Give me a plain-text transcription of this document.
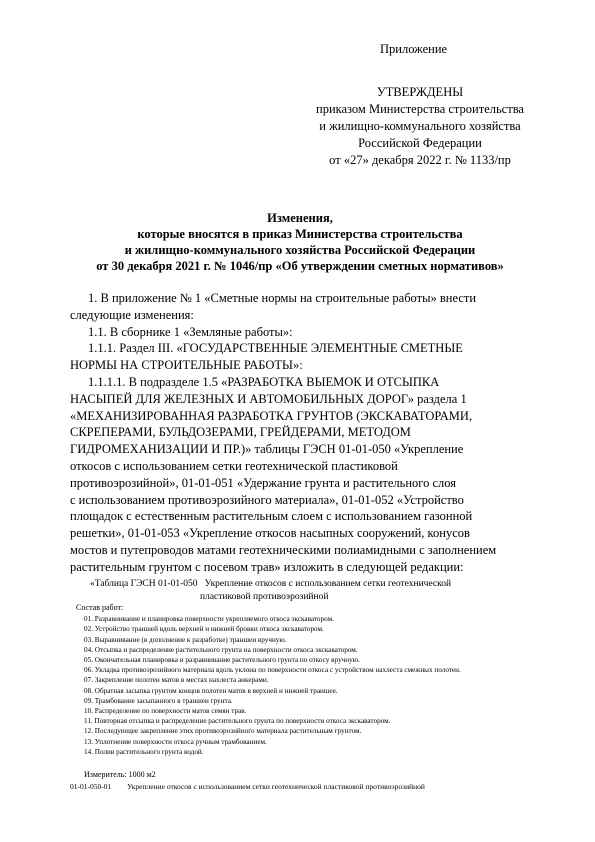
Приложение
УТВЕРЖДЕНЫ
приказом Министерства строительства
и жилищно-коммунального хозяйства
Российской Федерации
от «27» декабря 2022 г. № 1133/пр
Изменения,
которые вносятся в приказ Министерства строительства
и жилищно-коммунального хозяйства Российской Федерации
от 30 декабря 2021 г. № 1046/пр «Об утверждении сметных нормативов»
1. В приложение № 1 «Сметные нормы на строительные работы» внести
следующие изменения:
1.1. В сборнике 1 «Земляные работы»:
1.1.1. Раздел III. «ГОСУДАРСТВЕННЫЕ ЭЛЕМЕНТНЫЕ СМЕТНЫЕ
НОРМЫ НА СТРОИТЕЛЬНЫЕ РАБОТЫ»:
1.1.1.1. В подразделе 1.5 «РАЗРАБОТКА ВЫЕМОК И ОТСЫПКА
НАСЫПЕЙ ДЛЯ ЖЕЛЕЗНЫХ И АВТОМОБИЛЬНЫХ ДОРОГ» раздела 1
«МЕХАНИЗИРОВАННАЯ РАЗРАБОТКА ГРУНТОВ (ЭКСКАВАТОРАМИ,
СКРЕПЕРАМИ, БУЛЬДОЗЕРАМИ, ГРЕЙДЕРАМИ, МЕТОДОМ
ГИДРОМЕХАНИЗАЦИИ И ПР.)» таблицы ГЭСН 01-01-050 «Укрепление
откосов с использованием сетки геотехнической пластиковой
противоэрозийной», 01-01-051 «Удержание грунта и растительного слоя
с использованием противоэрозийного материала», 01-01-052 «Устройство
площадок с естественным растительным слоем с использованием газонной
решетки», 01-01-053 «Укрепление откосов насыпных сооружений, конусов
мостов и путепроводов матами геотехническими полиамидными с заполнением
растительным грунтом с посевом трав» изложить в следующей редакции:
«Таблица ГЭСН 01-01-050 Укрепление откосов с использованием сетки геотехнической
пластиковой противоэрозийной
Состав работ:
01. Разравнивание и планировка поверхности укрепляемого откоса экскаватором.
02. Устройство траншей вдоль верхней и нижней бровки откоса экскаватором.
03. Выравнивание (в дополнение к разработке) траншеи вручную.
04. Отсыпка и распределение растительного грунта на поверхности откоса экскаватором.
05. Окончательная планировка и разравнивание растительного грунта по откосу вручную.
06. Укладка противоэрозийного материала вдоль уклона по поверхности откоса с устройством нахлеста смежных полотен.
07. Закрепление полотен матов в местах нахлеста анкерами.
08. Обратная засыпка грунтом концов полотен матов в верхней и нижней траншее.
09. Трамбование засыпанного в траншеи грунта.
10. Распределение по поверхности матов семян трав.
11. Повторная отсыпка и распределение растительного грунта по поверхности откоса экскаватором.
12. Последующее закрепление этих противоэрозийного материала растительным грунтом.
13. Уплотнение поверхности откоса ручным трамбованием.
14. Полив растительного грунта водой.
Измеритель: 1000 м2
01-01-050-01 Укрепление откосов с использованием сетки геотехнической пластиковой противоэрозийной
